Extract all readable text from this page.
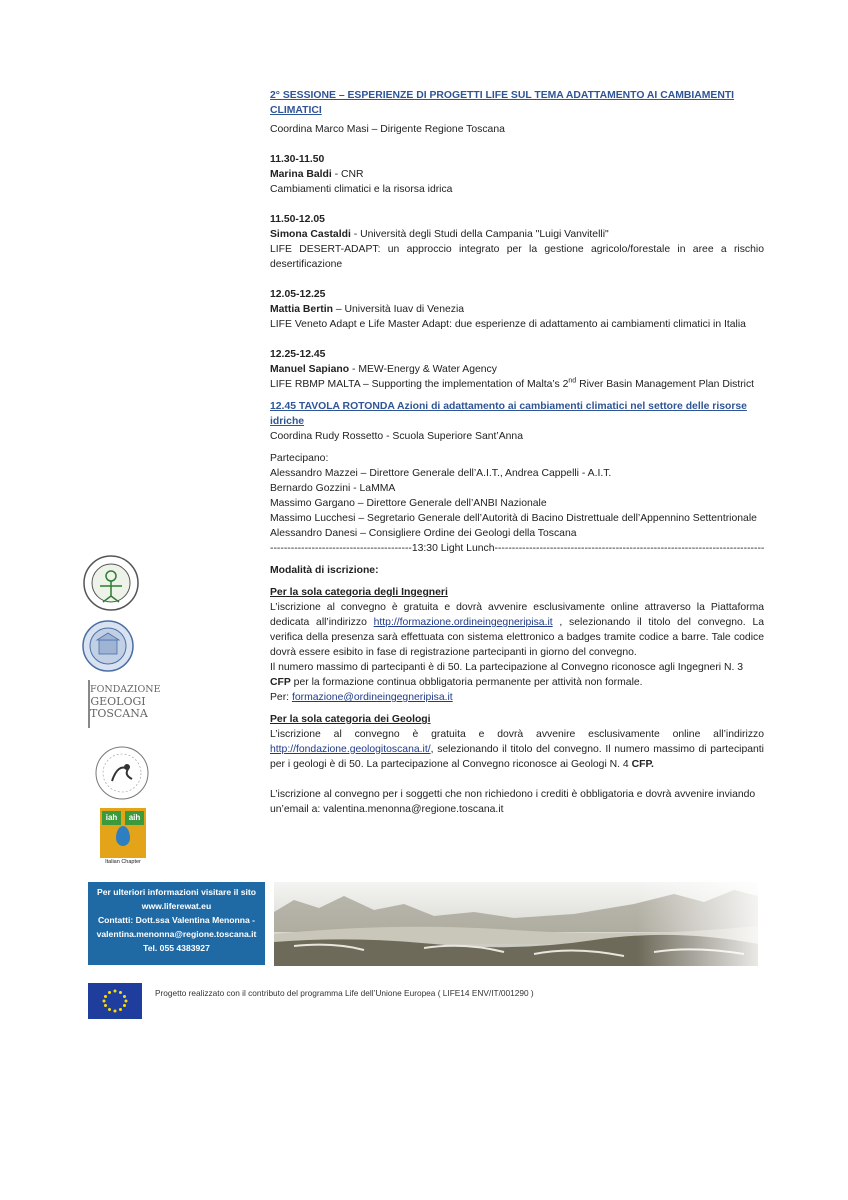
2° SESSIONE – ESPERIENZE DI PROGETTI LIFE SUL TEMA ADATTAMENTO AI CAMBIAMENTI CLIMATICI

Coordina Marco Masi – Dirigente Regione Toscana

11.30-11.50

Marina Baldi - CNR

Cambiamenti climatici e la risorsa idrica

11.50-12.05

Simona Castaldi - Università degli Studi della Campania "Luigi Vanvitelli"

LIFE DESERT-ADAPT: un approccio integrato per la gestione agricolo/forestale in aree a rischio desertificazione

12.05-12.25

Mattia Bertin – Università Iuav di Venezia

LIFE Veneto Adapt e Life Master Adapt: due esperienze di adattamento ai cambiamenti climatici in Italia

12.25-12.45

Manuel Sapiano - MEW-Energy & Water Agency

LIFE RBMP MALTA – Supporting the implementation of Malta’s 2nd River Basin Management Plan District

12.45 TAVOLA ROTONDA Azioni di adattamento ai cambiamenti climatici nel settore delle risorse idriche

Coordina Rudy Rossetto - Scuola Superiore Sant’Anna

Partecipano:

Alessandro Mazzei – Direttore Generale dell’A.I.T., Andrea Cappelli - A.I.T.

Bernardo Gozzini - LaMMA

Massimo Gargano – Direttore Generale dell’ANBI Nazionale

Massimo Lucchesi – Segretario Generale dell’Autorità di Bacino Distrettuale dell’Appennino Settentrionale

Alessandro Danesi – Consigliere Ordine dei Geologi della Toscana

-----------------------------------------13:30 Light Lunch------------------------------------------------------------------------------

Modalità di iscrizione:

Per la sola categoria degli Ingegneri

L’iscrizione al convegno è gratuita e dovrà avvenire esclusivamente online attraverso la Piattaforma dedicata all’indirizzo http://formazione.ordineingegneripisa.it , selezionando il titolo del convegno. La verifica della presenza sarà effettuata con sistema elettronico a badges tramite codice a barre. Tale codice dovrà essere esibito in fase di registrazione partecipanti in giorno del convegno.

Il numero massimo di partecipanti è di 50. La partecipazione al Convegno riconosce agli Ingegneri N. 3 CFP per la formazione continua obbligatoria permanente per attività non formale.

Per: formazione@ordineingegneripisa.it

Per la sola categoria dei Geologi

L’iscrizione al convegno è gratuita e dovrà avvenire esclusivamente online all’indirizzo http://fondazione.geologitoscana.it/, selezionando il titolo del convegno. Il numero massimo di partecipanti per i geologi è di 50. La partecipazione al Convegno riconosce ai Geologi N. 4 CFP.

L’iscrizione al convegno per i soggetti che non richiedono i crediti è obbligatoria e dovrà avvenire inviando un’email a: valentina.menonna@regione.toscana.it

FONDAZIONE
GEOLOGI
TOSCANA
iah	aih
Italian Chapter
Per ulteriori informazioni visitare il sito
www.liferewat.eu
Contatti: Dott.ssa Valentina Menonna -
valentina.menonna@regione.toscana.it
Tel. 055 4383927
Progetto realizzato con il contributo del programma Life dell’Unione Europea ( LIFE14 ENV/IT/001290 )
